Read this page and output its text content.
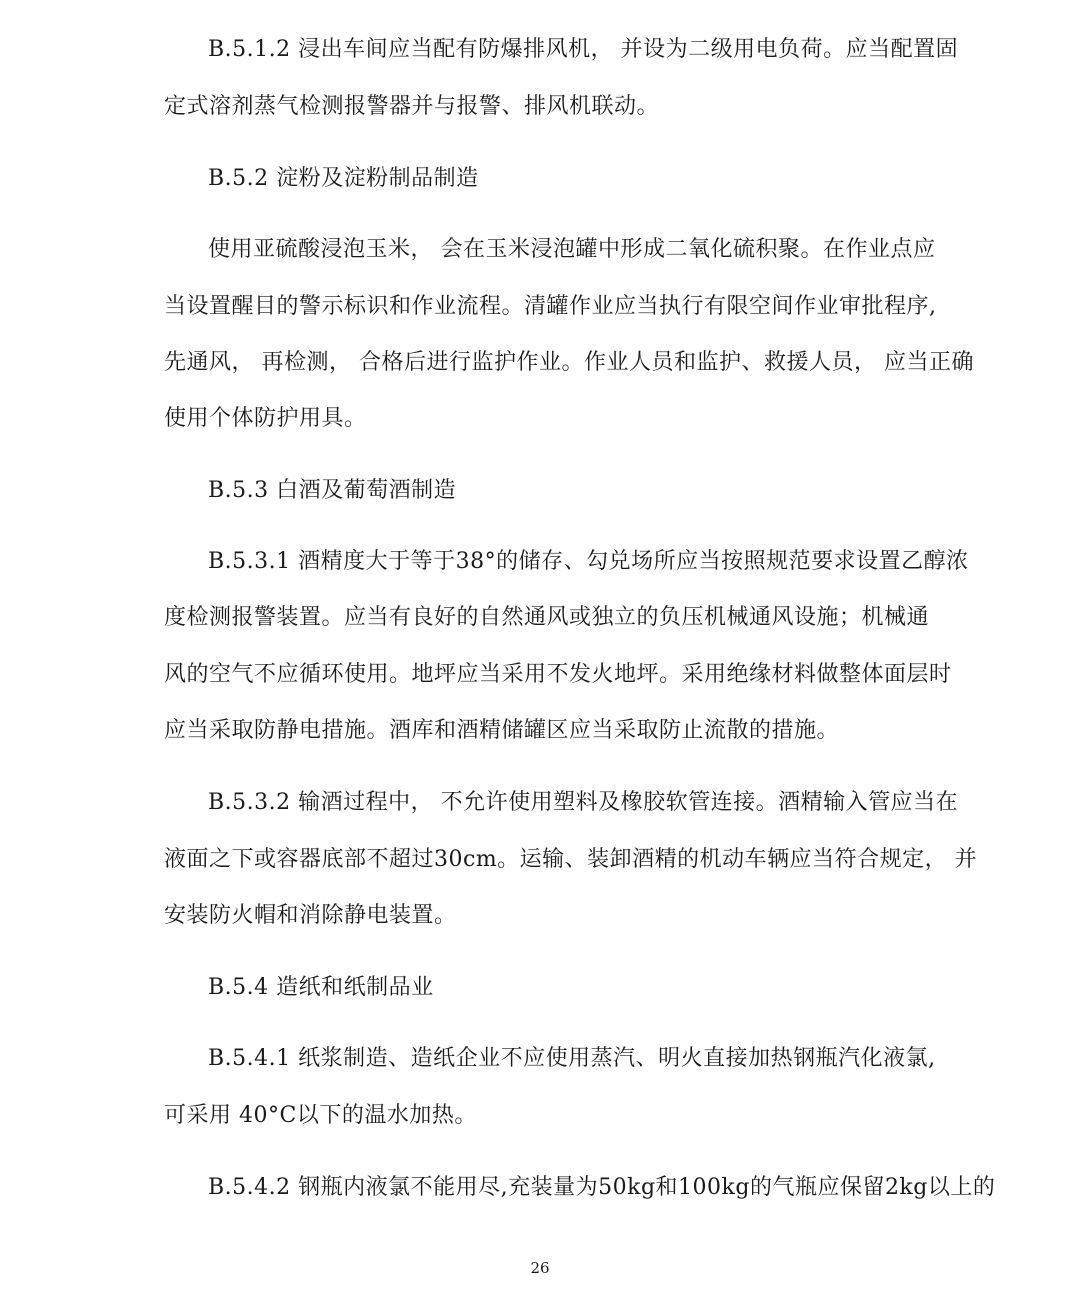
B.5.1.2 浸出车间应当配有防爆排风机， 并设为二级用电负荷。应当配置固
定式溶剂蒸气检测报警器并与报警、排风机联动。
B.5.2 淀粉及淀粉制品制造
使用亚硫酸浸泡玉米， 会在玉米浸泡罐中形成二氧化硫积聚。在作业点应
当设置醒目的警示标识和作业流程。清罐作业应当执行有限空间作业审批程序,
先通风， 再检测， 合格后进行监护作业。作业人员和监护、救援人员， 应当正确
使用个体防护用具。
B.5.3 白酒及葡萄酒制造
B.5.3.1 酒精度大于等于38°的储存、勾兑场所应当按照规范要求设置乙醇浓
度检测报警装置。应当有良好的自然通风或独立的负压机械通风设施；机械通
风的空气不应循环使用。地坪应当采用不发火地坪。采用绝缘材料做整体面层时
应当采取防静电措施。酒库和酒精储罐区应当采取防止流散的措施。
B.5.3.2 输酒过程中， 不允许使用塑料及橡胶软管连接。酒精输入管应当在
液面之下或容器底部不超过30cm。运输、装卸酒精的机动车辆应当符合规定， 并
安装防火帽和消除静电装置。
B.5.4 造纸和纸制品业
B.5.4.1 纸浆制造、造纸企业不应使用蒸汽、明火直接加热钢瓶汽化液氯,
可采用 40°C以下的温水加热。
B.5.4.2 钢瓶内液氯不能用尽,充装量为50kg和100kg的气瓶应保留2kg以上的
26
